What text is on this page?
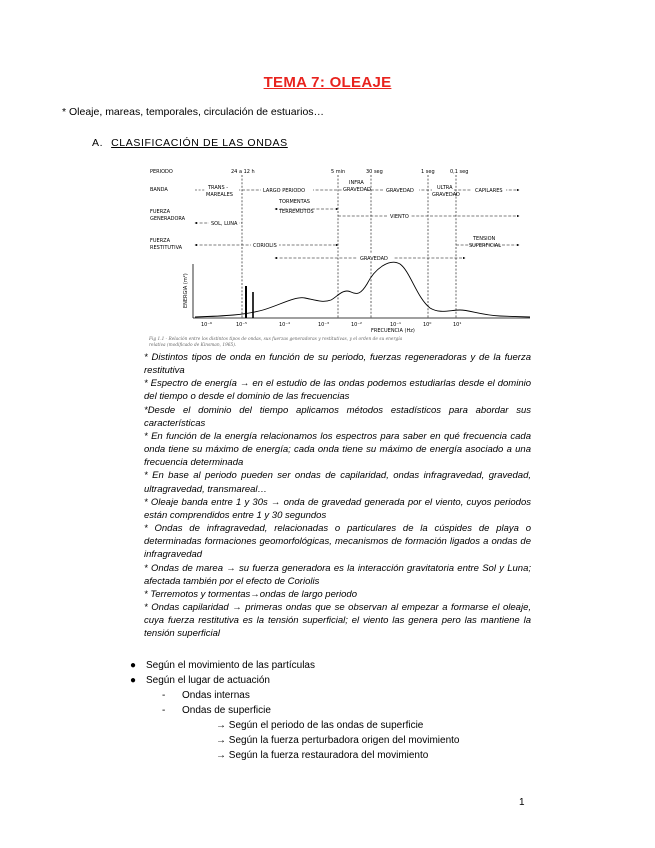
TEMA 7: OLEAJE
* Oleaje, mareas, temporales, circulación de estuarios…
A. CLASIFICACIÓN DE LAS ONDAS
PERIODO
BANDA
FUERZA
GENERADORA
FUERZA
RESTITUTIVA
ENERGIA (m²)
24 a 12 h	5 min	30 seg	1 seg	0,1 seg
TRANS -
MAREALES
LARGO PERIODO
INFRA
GRAVEDAD	GRAVEDAD	ULTRA
GRAVEDAD
CAPILARES
TORMENTAS
TERREMOTOS
SOL, LUNA
VIENTO
CORIOLIS
TENSION
SUPERFICIAL
GRAVEDAD
10⁻⁶	10⁻⁵	10⁻⁴	10⁻³	10⁻²	10⁻¹	10⁰	10¹
FRECUENCIA (Hz)
Fig 1.1 - Relación entre los distintos tipos de ondas, sus fuerzas generadoras y restitutivas, y el orden de su energía
relativa (modificado de Kinsman, 1965).

* Distintos tipos de onda en función de su periodo, fuerzas regeneradoras y de la fuerza restitutiva

* Espectro de energía → en el estudio de las ondas podemos estudiarlas desde el dominio del tiempo o desde el dominio de las frecuencias

*Desde el dominio del tiempo aplicamos métodos estadísticos para abordar sus características

* En función de la energía relacionamos los espectros para saber en qué frecuencia cada onda tiene su máximo de energía; cada onda tiene su máximo de energía asociado a una frecuencia determinada

* En base al periodo pueden ser ondas de capilaridad, ondas infragravedad, gravedad, ultragravedad, transmareal…

* Oleaje banda entre 1 y 30s → onda de gravedad generada por el viento, cuyos periodos están comprendidos entre 1 y 30 segundos

* Ondas de infragravedad, relacionadas o particulares de la cúspides de playa o determinadas formaciones geomorfológicas, mecanismos de formación ligados a ondas de infragravedad

* Ondas de marea → su fuerza generadora es la interacción gravitatoria entre Sol y Luna; afectada también por el efecto de Coriolis

* Terremotos y tormentas→ondas de largo periodo

* Ondas capilaridad → primeras ondas que se observan al empezar a formarse el oleaje, cuya fuerza restitutiva es la tensión superficial; el viento las genera pero las mantiene la tensión superficial

● Según el movimiento de las partículas
● Según el lugar de actuación
- Ondas internas
- Ondas de superficie
→ Según el periodo de las ondas de superficie
→ Según la fuerza perturbadora origen del movimiento
→ Según la fuerza restauradora del movimiento
1
